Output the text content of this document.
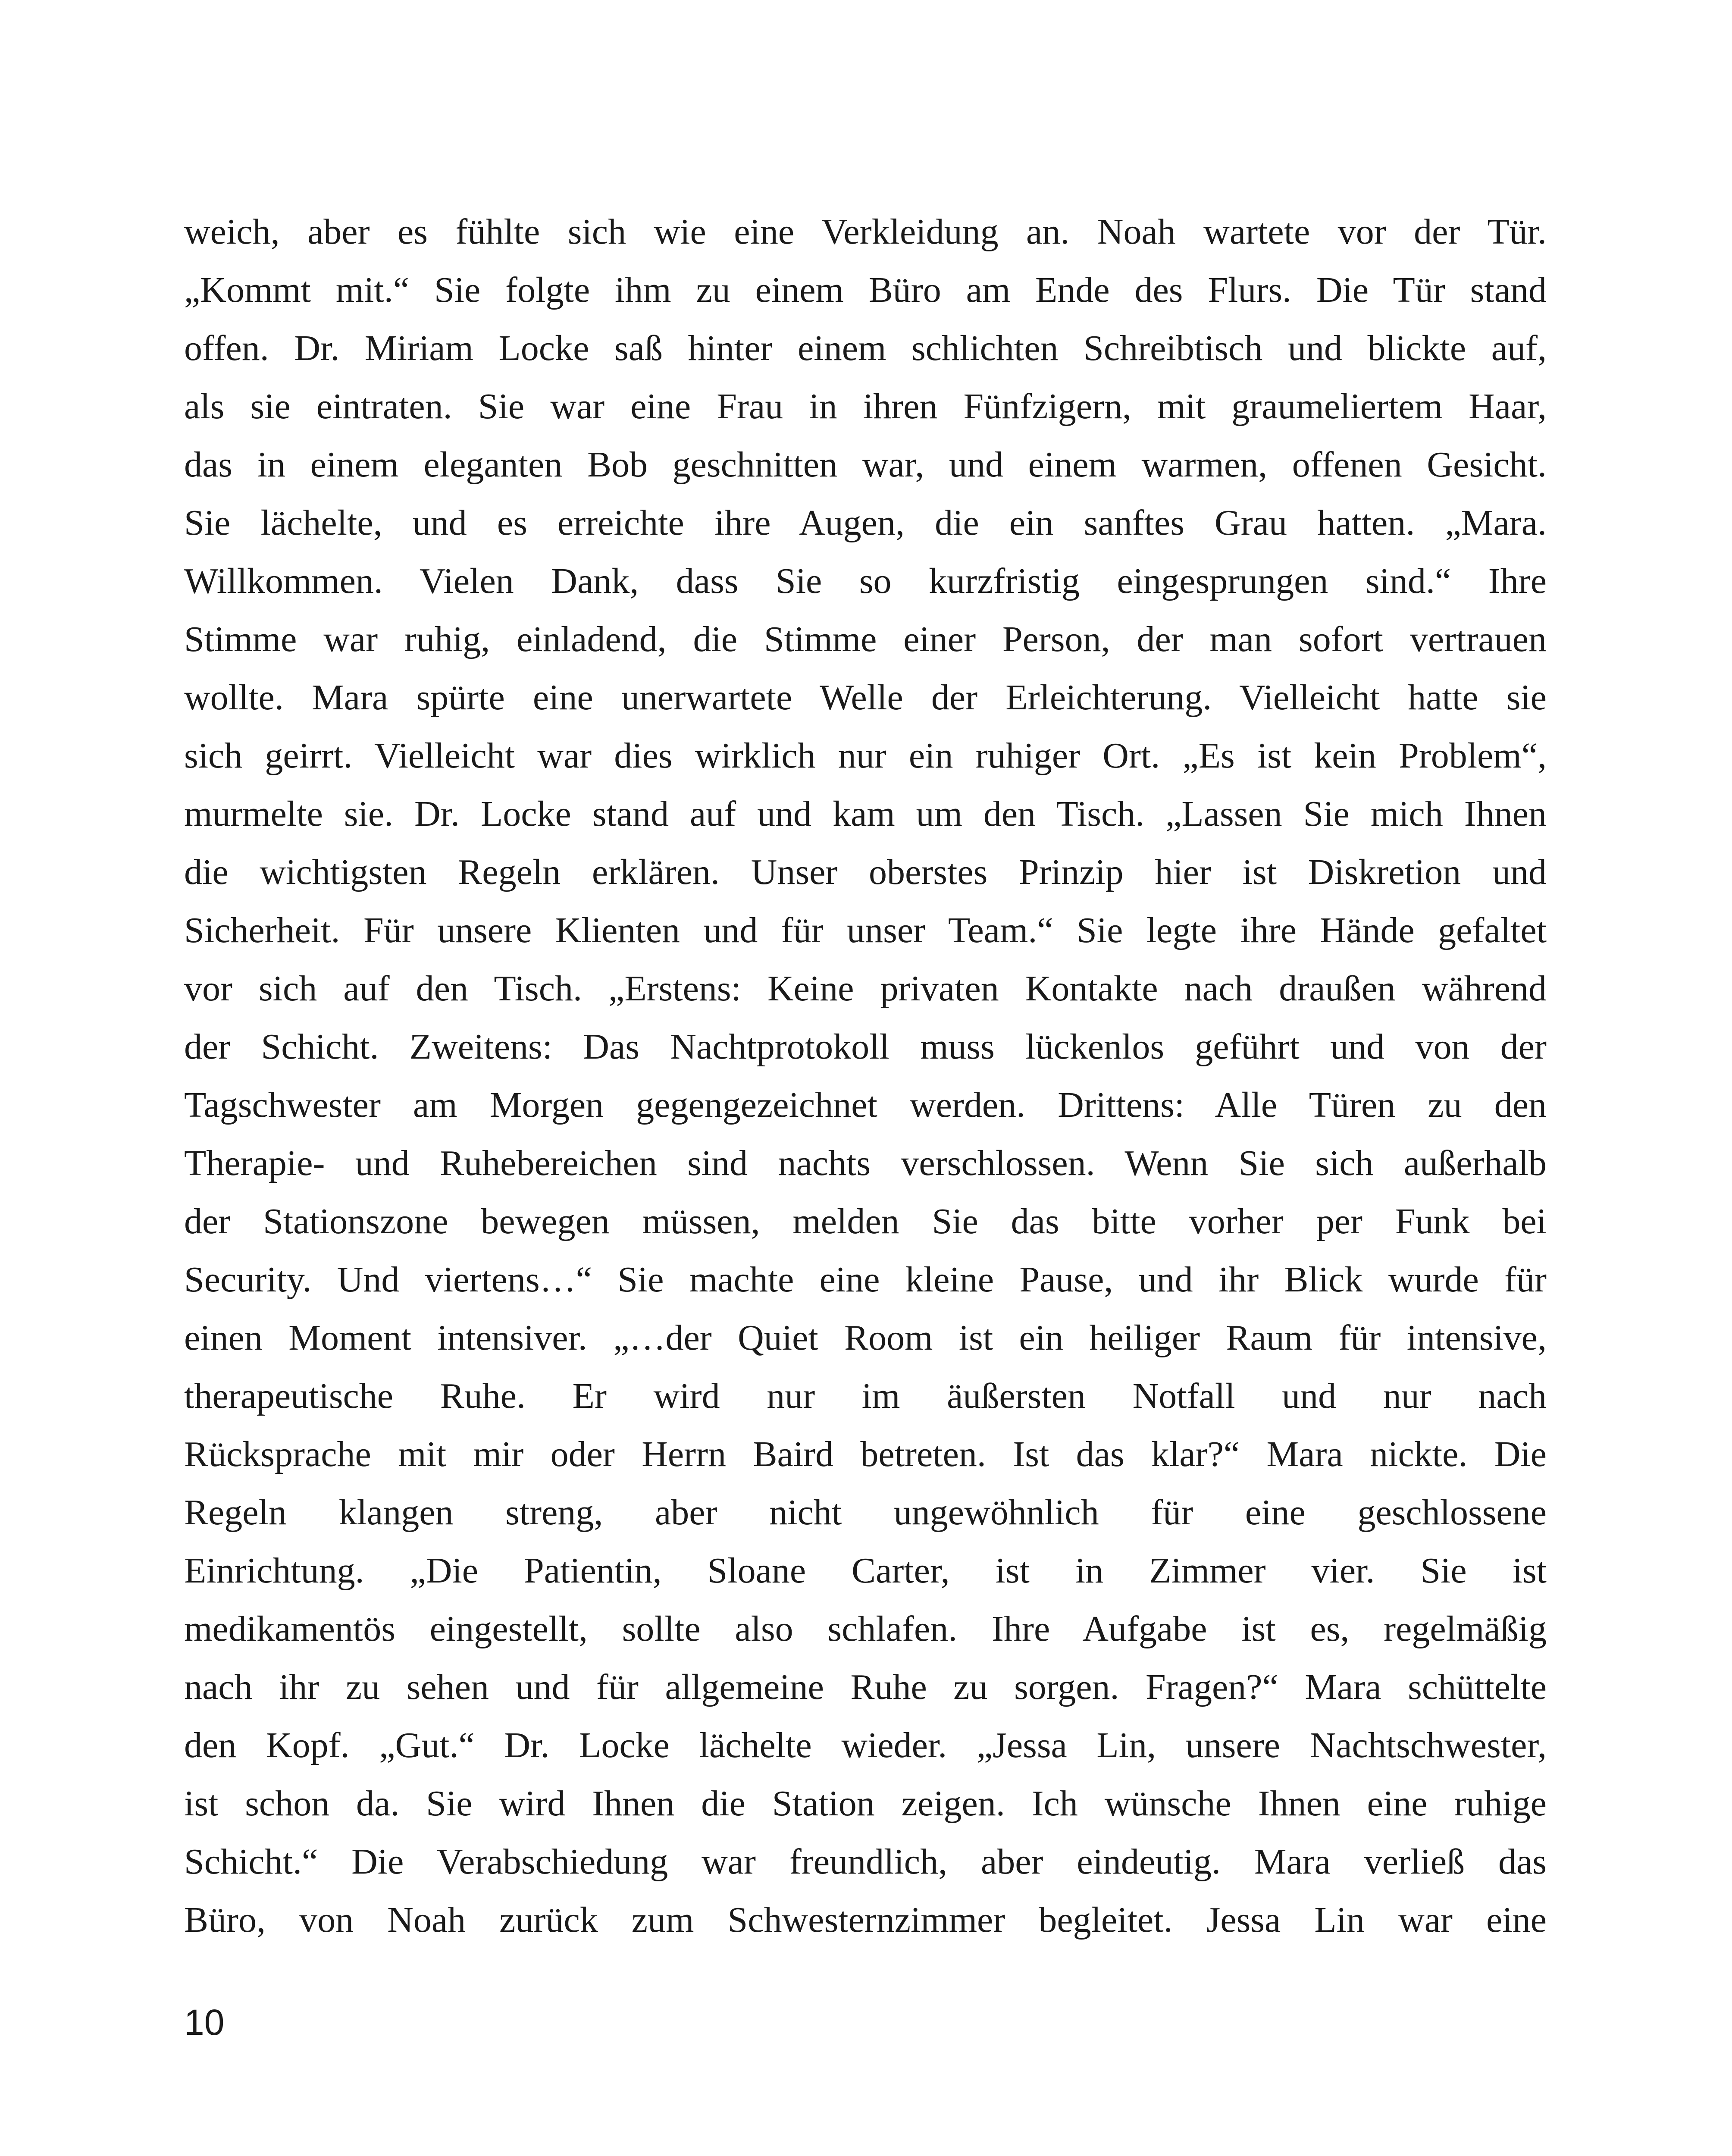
weich, aber es fühlte sich wie eine Verkleidung an. Noah wartete vor der Tür.
„Kommt mit.“ Sie folgte ihm zu einem Büro am Ende des Flurs. Die Tür stand
offen. Dr. Miriam Locke saß hinter einem schlichten Schreibtisch und blickte auf,
als sie eintraten. Sie war eine Frau in ihren Fünfzigern, mit graumeliertem Haar,
das in einem eleganten Bob geschnitten war, und einem warmen, offenen Gesicht.
Sie lächelte, und es erreichte ihre Augen, die ein sanftes Grau hatten. „Mara.
Willkommen. Vielen Dank, dass Sie so kurzfristig eingesprungen sind.“ Ihre
Stimme war ruhig, einladend, die Stimme einer Person, der man sofort vertrauen
wollte. Mara spürte eine unerwartete Welle der Erleichterung. Vielleicht hatte sie
sich geirrt. Vielleicht war dies wirklich nur ein ruhiger Ort. „Es ist kein Problem“,
murmelte sie. Dr. Locke stand auf und kam um den Tisch. „Lassen Sie mich Ihnen
die wichtigsten Regeln erklären. Unser oberstes Prinzip hier ist Diskretion und
Sicherheit. Für unsere Klienten und für unser Team.“ Sie legte ihre Hände gefaltet
vor sich auf den Tisch. „Erstens: Keine privaten Kontakte nach draußen während
der Schicht. Zweitens: Das Nachtprotokoll muss lückenlos geführt und von der
Tagschwester am Morgen gegengezeichnet werden. Drittens: Alle Türen zu den
Therapie- und Ruhebereichen sind nachts verschlossen. Wenn Sie sich außerhalb
der Stationszone bewegen müssen, melden Sie das bitte vorher per Funk bei
Security. Und viertens…“ Sie machte eine kleine Pause, und ihr Blick wurde für
einen Moment intensiver. „…der Quiet Room ist ein heiliger Raum für intensive,
therapeutische Ruhe. Er wird nur im äußersten Notfall und nur nach
Rücksprache mit mir oder Herrn Baird betreten. Ist das klar?“ Mara nickte. Die
Regeln klangen streng, aber nicht ungewöhnlich für eine geschlossene
Einrichtung. „Die Patientin, Sloane Carter, ist in Zimmer vier. Sie ist
medikamentös eingestellt, sollte also schlafen. Ihre Aufgabe ist es, regelmäßig
nach ihr zu sehen und für allgemeine Ruhe zu sorgen. Fragen?“ Mara schüttelte
den Kopf. „Gut.“ Dr. Locke lächelte wieder. „Jessa Lin, unsere Nachtschwester,
ist schon da. Sie wird Ihnen die Station zeigen. Ich wünsche Ihnen eine ruhige
Schicht.“ Die Verabschiedung war freundlich, aber eindeutig. Mara verließ das
Büro, von Noah zurück zum Schwesternzimmer begleitet. Jessa Lin war eine
10
